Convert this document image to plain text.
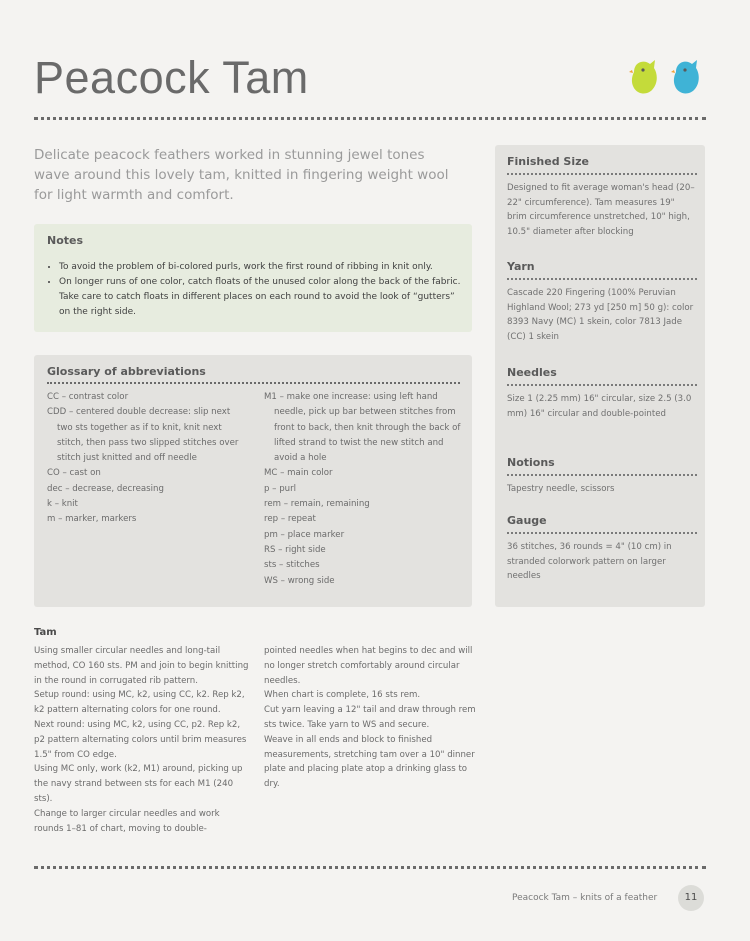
Peacock Tam

Delicate peacock feathers worked in stunning jewel tones wave around this lovely tam, knitted in fingering weight wool for light warmth and comfort.

Notes
• To avoid the problem of bi-colored purls, work the first round of ribbing in knit only.
• On longer runs of one color, catch floats of the unused color along the back of the fabric. Take care to catch floats in different places on each round to avoid the look of “gutters” on the right side.
Glossary of abbreviations
CC – contrast color
CDD – centered double decrease: slip next two sts together as if to knit, knit next stitch, then pass two slipped stitches over stitch just knitted and off needle
CO – cast on
dec – decrease, decreasing
k – knit
m – marker, markers
M1 – make one increase: using left hand needle, pick up bar between stitches from front to back, then knit through the back of lifted strand to twist the new stitch and avoid a hole
MC – main color
p – purl
rem – remain, remaining
rep – repeat
pm – place marker
RS – right side
sts – stitches
WS – wrong side
Finished Size

Designed to fit average woman's head (20–22" circumference). Tam measures 19" brim circumference unstretched, 10" high, 10.5" diameter after blocking

Yarn

Cascade 220 Fingering (100% Peruvian Highland Wool; 273 yd [250 m] 50 g): color 8393 Navy (MC) 1 skein, color 7813 Jade (CC) 1 skein

Needles

Size 1 (2.25 mm) 16" circular, size 2.5 (3.0 mm) 16" circular and double-pointed

Notions

Tapestry needle, scissors

Gauge

36 stitches, 36 rounds = 4" (10 cm) in stranded colorwork pattern on larger needles

Tam

Using smaller circular needles and long-tail method, CO 160 sts. PM and join to begin knitting in the round in corrugated rib pattern.

Setup round: using MC, k2, using CC, k2. Rep k2, k2 pattern alternating colors for one round.

Next round: using MC, k2, using CC, p2. Rep k2, p2 pattern alternating colors until brim measures 1.5" from CO edge.

Using MC only, work (k2, M1) around, picking up the navy strand between sts for each M1 (240 sts).

Change to larger circular needles and work rounds 1–81 of chart, moving to double-

pointed needles when hat begins to dec and will no longer stretch comfortably around circular needles.

When chart is complete, 16 sts rem.

Cut yarn leaving a 12" tail and draw through rem sts twice. Take yarn to WS and secure.

Weave in all ends and block to finished measurements, stretching tam over a 10" dinner plate and placing plate atop a drinking glass to dry.

Peacock Tam – knits of a feather	11
